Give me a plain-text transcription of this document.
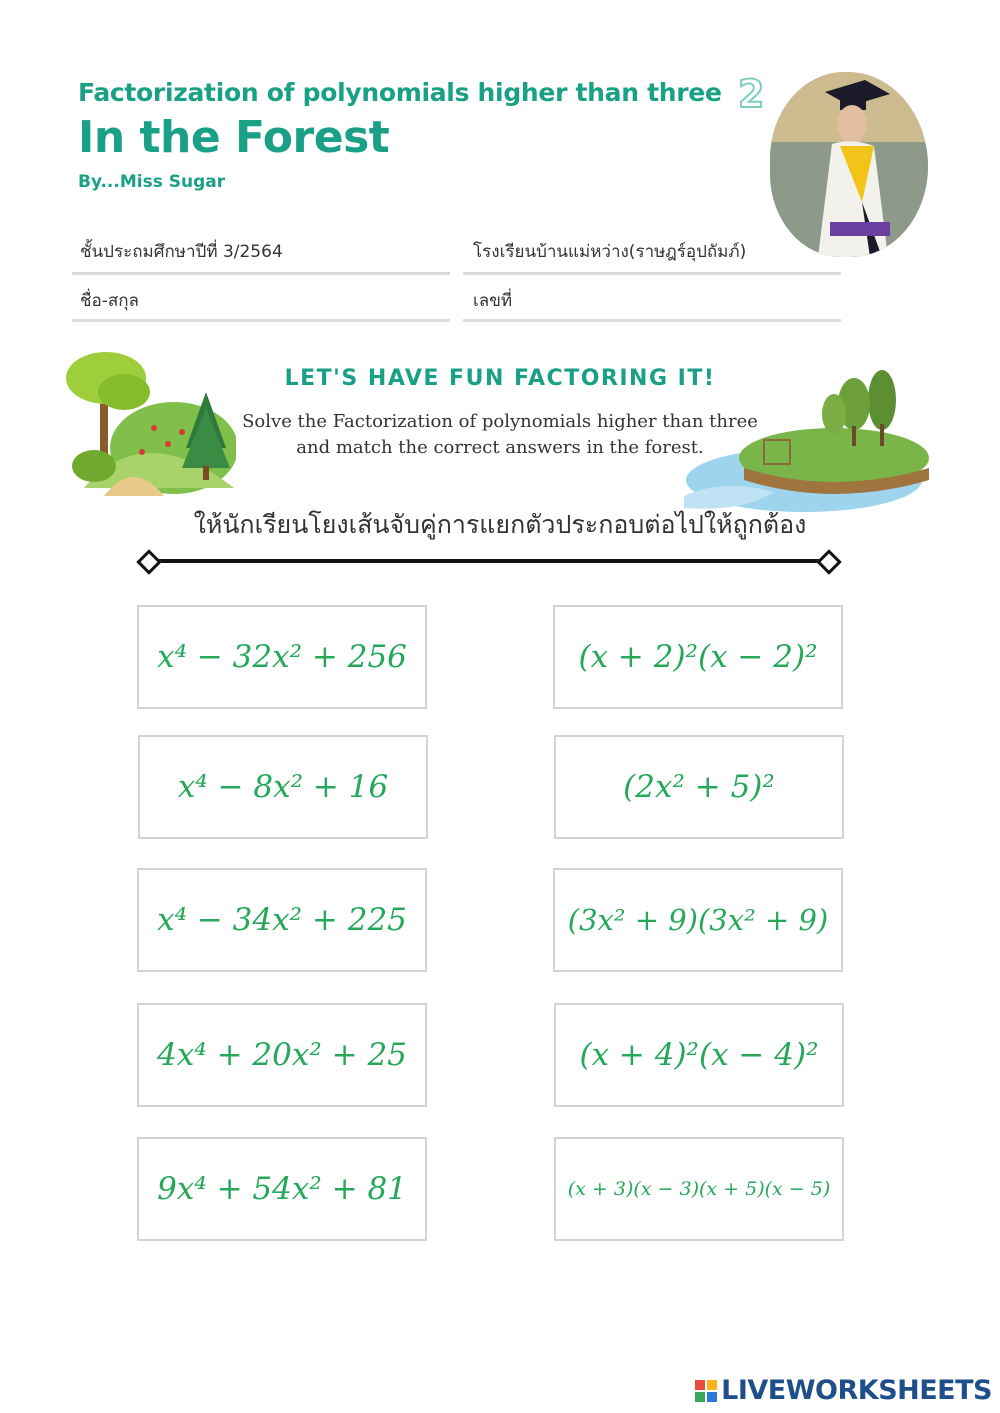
Factorization of polynomials higher than three 2
In the Forest
By...Miss Sugar
ชั้นประถมศึกษาปีที่ 3/2564	โรงเรียนบ้านแม่หว่าง(ราษฎร์อุปถัมภ์)
ชื่อ-สกุล	เลขที่
LET'S HAVE FUN FACTORING IT!
Solve the Factorization of polynomials higher than three
and match the correct answers in the forest.
ให้นักเรียนโยงเส้นจับคู่การแยกตัวประกอบต่อไปให้ถูกต้อง
x⁴ − 32x² + 256
x⁴ − 8x² + 16
x⁴ − 34x² + 225
4x⁴ + 20x² + 25
9x⁴ + 54x² + 81
(x + 2)²(x − 2)²
(2x² + 5)²
(3x² + 9)(3x² + 9)
(x + 4)²(x − 4)²
(x + 3)(x − 3)(x + 5)(x − 5)
LIVEWORKSHEETS
